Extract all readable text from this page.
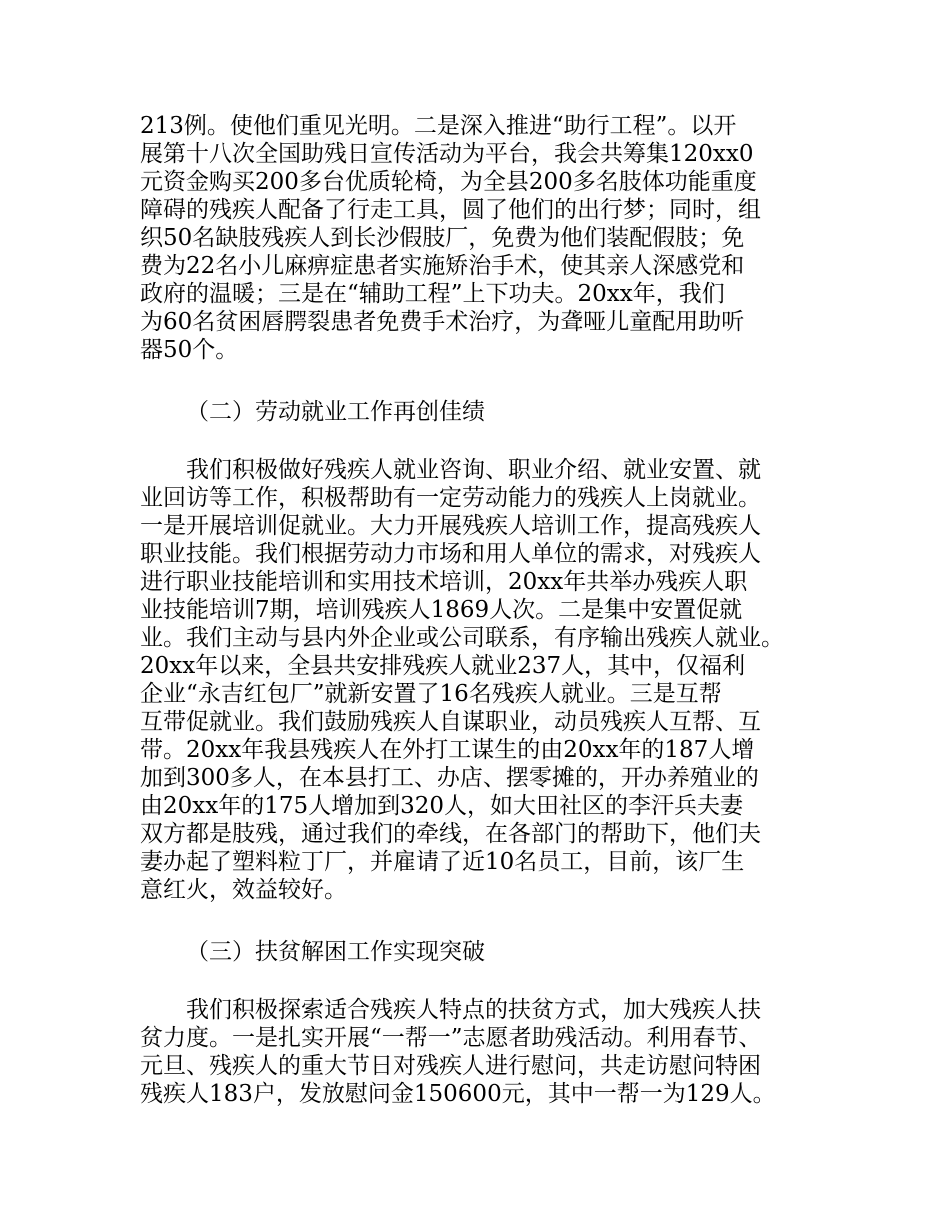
213例。使他们重见光明。二是深入推进“助行工程”。以开
展第十八次全国助残日宣传活动为平台，我会共筹集120xx0
元资金购买200多台优质轮椅，为全县200多名肢体功能重度
障碍的残疾人配备了行走工具，圆了他们的出行梦；同时，组
织50名缺肢残疾人到长沙假肢厂，免费为他们装配假肢；免
费为22名小儿麻痹症患者实施矫治手术，使其亲人深感党和
政府的温暖；三是在“辅助工程”上下功夫。20xx年，我们
为60名贫困唇腭裂患者免费手术治疗，为聋哑儿童配用助听
器50个。
（二）劳动就业工作再创佳绩
我们积极做好残疾人就业咨询、职业介绍、就业安置、就
业回访等工作，积极帮助有一定劳动能力的残疾人上岗就业。
一是开展培训促就业。大力开展残疾人培训工作，提高残疾人
职业技能。我们根据劳动力市场和用人单位的需求，对残疾人
进行职业技能培训和实用技术培训，20xx年共举办残疾人职
业技能培训7期，培训残疾人1869人次。二是集中安置促就
业。我们主动与县内外企业或公司联系，有序输出残疾人就业。
20xx年以来，全县共安排残疾人就业237人，其中，仅福利
企业“永吉红包厂”就新安置了16名残疾人就业。三是互帮
互带促就业。我们鼓励残疾人自谋职业，动员残疾人互帮、互
带。20xx年我县残疾人在外打工谋生的由20xx年的187人增
加到300多人，在本县打工、办店、摆零摊的，开办养殖业的
由20xx年的175人增加到320人，如大田社区的李汗兵夫妻
双方都是肢残，通过我们的牵线，在各部门的帮助下，他们夫
妻办起了塑料粒丁厂，并雇请了近10名员工，目前，该厂生
意红火，效益较好。
（三）扶贫解困工作实现突破
我们积极探索适合残疾人特点的扶贫方式，加大残疾人扶
贫力度。一是扎实开展“一帮一”志愿者助残活动。利用春节、
元旦、残疾人的重大节日对残疾人进行慰问，共走访慰问特困
残疾人183户，发放慰问金150600元，其中一帮一为129人。
